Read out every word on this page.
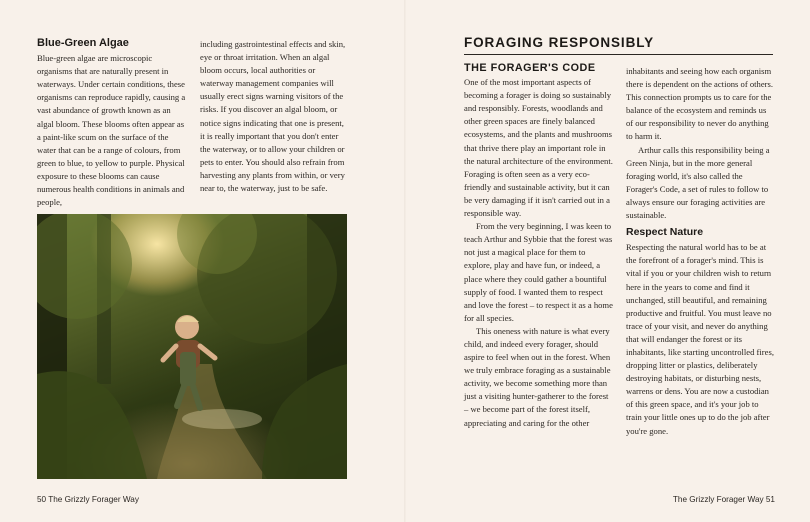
Blue-Green Algae

Blue-green algae are microscopic organisms that are naturally present in waterways. Under certain conditions, these organisms can reproduce rapidly, causing a vast abundance of growth known as an algal bloom. These blooms often appear as a paint-like scum on the surface of the water that can be a range of colours, from green to blue, to yellow to purple. Physical exposure to these blooms can cause numerous health conditions in animals and people,

including gastrointestinal effects and skin, eye or throat irritation. When an algal bloom occurs, local authorities or waterway management companies will usually erect signs warning visitors of the risks. If you discover an algal bloom, or notice signs indicating that one is present, it is really important that you don't enter the waterway, or to allow your children or pets to enter. You should also refrain from harvesting any plants from within, or very near to, the waterway, just to be safe.

50 The Grizzly Forager Way
FORAGING RESPONSIBLY
THE FORAGER'S CODE

One of the most important aspects of becoming a forager is doing so sustainably and responsibly. Forests, woodlands and other green spaces are finely balanced ecosystems, and the plants and mushrooms that thrive there play an important role in the natural architecture of the environment. Foraging is often seen as a very eco-friendly and sustainable activity, but it can be very damaging if it isn't carried out in a responsible way.

From the very beginning, I was keen to teach Arthur and Sybbie that the forest was not just a magical place for them to explore, play and have fun, or indeed, a place where they could gather a bountiful supply of food. I wanted them to respect and love the forest – to respect it as a home for all species.

This oneness with nature is what every child, and indeed every forager, should aspire to feel when out in the forest. When we truly embrace foraging as a sustainable activity, we become something more than just a visiting hunter-gatherer to the forest – we become part of the forest itself, appreciating and caring for the other

inhabitants and seeing how each organism there is dependent on the actions of others. This connection prompts us to care for the balance of the ecosystem and reminds us of our responsibility to never do anything to harm it.

Arthur calls this responsibility being a Green Ninja, but in the more general foraging world, it's also called the Forager's Code, a set of rules to follow to always ensure our foraging activities are sustainable.

Respect Nature

Respecting the natural world has to be at the forefront of a forager's mind. This is vital if you or your children wish to return here in the years to come and find it unchanged, still beautiful, and remaining productive and fruitful. You must leave no trace of your visit, and never do anything that will endanger the forest or its inhabitants, like starting uncontrolled fires, dropping litter or plastics, deliberately destroying habitats, or disturbing nests, warrens or dens. You are now a custodian of this green space, and it's your job to train your little ones up to do the job after you're gone.

The Grizzly Forager Way 51
